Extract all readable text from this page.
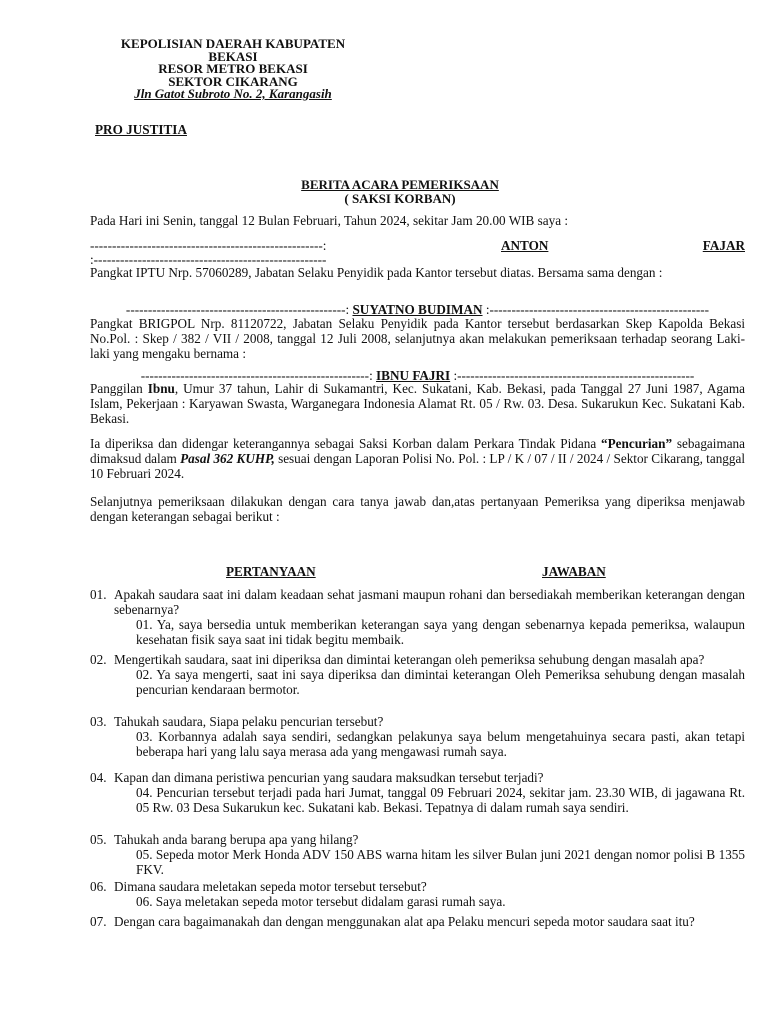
KEPOLISIAN DAERAH KABUPATEN
BEKASI
RESOR METRO BEKASI
SEKTOR CIKARANG
Jln Gatot Subroto No. 2, Karangasih
PRO JUSTITIA
BERITA ACARA PEMERIKSAAN
( SAKSI KORBAN)
Pada Hari ini Senin, tanggal 12 Bulan Februari, Tahun 2024, sekitar Jam 20.00 WIB saya :
-----------------------------------------------------:	ANTON	FAJAR
:-----------------------------------------------------
Pangkat IPTU Nrp. 57060289, Jabatan Selaku Penyidik pada Kantor tersebut diatas. Bersama sama dengan :
--------------------------------------------------: SUYATNO BUDIMAN :--------------------------------------------------
Pangkat BRIGPOL Nrp. 81120722, Jabatan Selaku Penyidik pada Kantor tersebut berdasarkan Skep Kapolda Bekasi No.Pol. : Skep / 382 / VII / 2008, tanggal 12 Juli 2008, selanjutnya akan melakukan pemeriksaan terhadap seorang Laki-laki yang mengaku bernama :
----------------------------------------------------: IBNU FAJRI :------------------------------------------------------
Panggilan Ibnu, Umur 37 tahun, Lahir di Sukamantri, Kec. Sukatani, Kab. Bekasi, pada Tanggal 27 Juni 1987, Agama Islam, Pekerjaan : Karyawan Swasta, Warganegara Indonesia Alamat Rt. 05 / Rw. 03. Desa. Sukarukun Kec. Sukatani Kab. Bekasi.
Ia diperiksa dan didengar keterangannya sebagai Saksi Korban dalam Perkara Tindak Pidana “Pencurian” sebagaimana dimaksud dalam Pasal 362 KUHP, sesuai dengan Laporan Polisi No. Pol. : LP / K / 07 / II / 2024 / Sektor Cikarang, tanggal 10 Februari 2024.
Selanjutnya pemeriksaan dilakukan dengan cara tanya jawab dan,atas pertanyaan Pemeriksa yang diperiksa menjawab dengan keterangan sebagai berikut :
PERTANYAAN	JAWABAN
01. Apakah saudara saat ini dalam keadaan sehat jasmani maupun rohani dan bersediakah memberikan keterangan dengan sebenarnya?
01. Ya, saya bersedia untuk memberikan keterangan saya yang dengan sebenarnya kepada pemeriksa, walaupun kesehatan fisik saya saat ini tidak begitu membaik.
02. Mengertikah saudara, saat ini diperiksa dan dimintai keterangan oleh pemeriksa sehubung dengan masalah apa?
02. Ya saya mengerti, saat ini saya diperiksa dan dimintai keterangan Oleh Pemeriksa sehubung dengan masalah pencurian kendaraan bermotor.
03. Tahukah saudara, Siapa pelaku pencurian tersebut?
03. Korbannya adalah saya sendiri, sedangkan pelakunya saya belum mengetahuinya secara pasti, akan tetapi beberapa hari yang lalu saya merasa ada yang mengawasi rumah saya.
04. Kapan dan dimana peristiwa pencurian yang saudara maksudkan tersebut terjadi?
04. Pencurian tersebut terjadi pada hari Jumat, tanggal 09 Februari 2024, sekitar jam. 23.30 WIB, di jagawana Rt. 05 Rw. 03 Desa Sukarukun kec. Sukatani kab. Bekasi. Tepatnya di dalam rumah saya sendiri.
05. Tahukah anda barang berupa apa yang hilang?
05. Sepeda motor Merk Honda ADV 150 ABS warna hitam les silver Bulan juni 2021 dengan nomor polisi B 1355 FKV.
06. Dimana saudara meletakan sepeda motor tersebut tersebut?
06. Saya meletakan sepeda motor tersebut didalam garasi rumah saya.
07. Dengan cara bagaimanakah dan dengan menggunakan alat apa Pelaku mencuri sepeda motor saudara saat itu?
